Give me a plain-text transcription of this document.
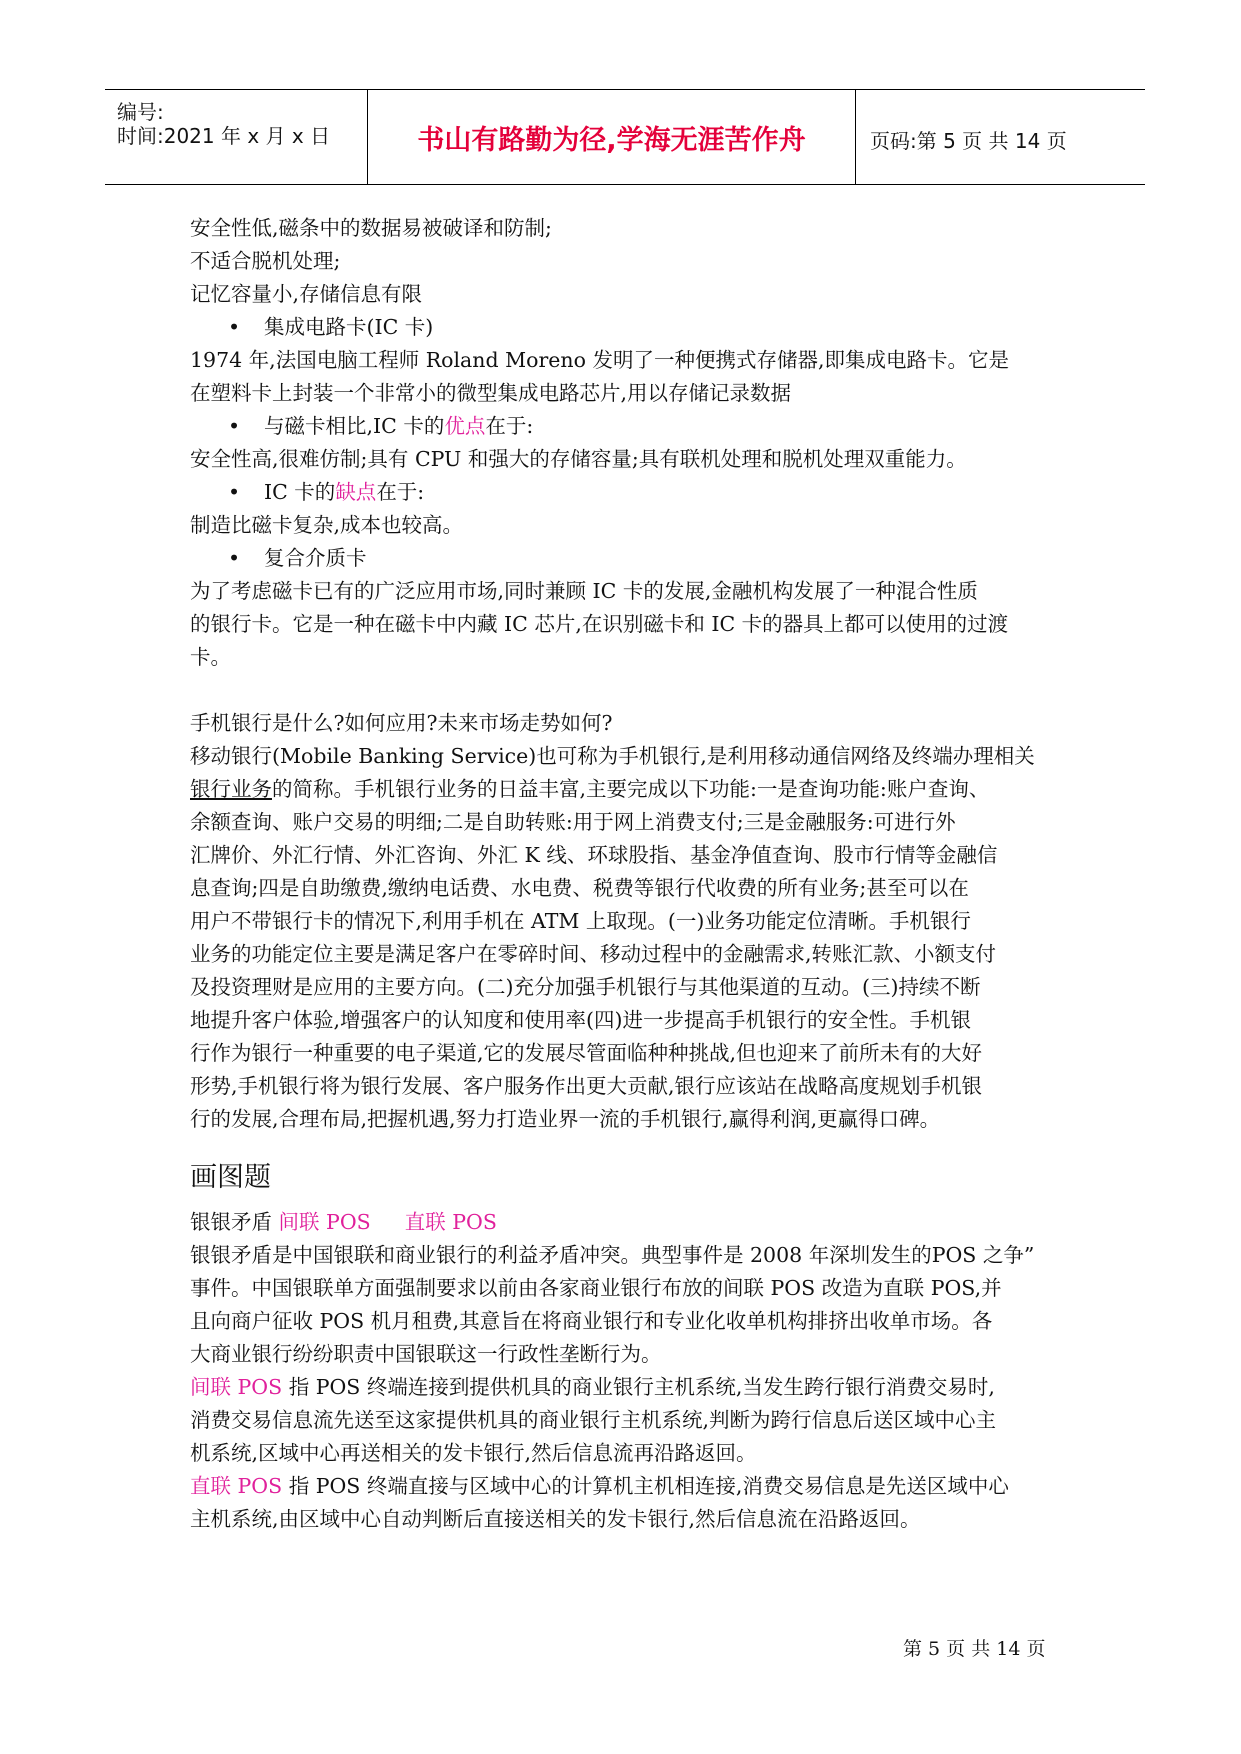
编号:
时间:2021 年 x 月 x 日	书山有路勤为径,学海无涯苦作舟	页码:第 5 页 共 14 页
安全性低,磁条中的数据易被破译和防制;
不适合脱机处理;
记忆容量小,存储信息有限
• 集成电路卡(IC 卡)
1974 年,法国电脑工程师 Roland Moreno 发明了一种便携式存储器,即集成电路卡。它是
在塑料卡上封装一个非常小的微型集成电路芯片,用以存储记录数据
• 与磁卡相比,IC 卡的优点在于:
安全性高,很难仿制;具有 CPU 和强大的存储容量;具有联机处理和脱机处理双重能力。
• IC 卡的缺点在于:
制造比磁卡复杂,成本也较高。
• 复合介质卡
为了考虑磁卡已有的广泛应用市场,同时兼顾 IC 卡的发展,金融机构发展了一种混合性质
的银行卡。它是一种在磁卡中内藏 IC 芯片,在识别磁卡和 IC 卡的器具上都可以使用的过渡
卡。
手机银行是什么?如何应用?未来市场走势如何?
移动银行(Mobile Banking Service)也可称为手机银行,是利用移动通信网络及终端办理相关
银行业务的简称。手机银行业务的日益丰富,主要完成以下功能:一是查询功能:账户查询、
余额查询、账户交易的明细;二是自助转账:用于网上消费支付;三是金融服务:可进行外
汇牌价、外汇行情、外汇咨询、外汇 K 线、环球股指、基金净值查询、股市行情等金融信
息查询;四是自助缴费,缴纳电话费、水电费、税费等银行代收费的所有业务;甚至可以在
用户不带银行卡的情况下,利用手机在 ATM 上取现。(一)业务功能定位清晰。手机银行
业务的功能定位主要是满足客户在零碎时间、移动过程中的金融需求,转账汇款、小额支付
及投资理财是应用的主要方向。(二)充分加强手机银行与其他渠道的互动。(三)持续不断
地提升客户体验,增强客户的认知度和使用率(四)进一步提高手机银行的安全性。手机银
行作为银行一种重要的电子渠道,它的发展尽管面临种种挑战,但也迎来了前所未有的大好
形势,手机银行将为银行发展、客户服务作出更大贡献,银行应该站在战略高度规划手机银
行的发展,合理布局,把握机遇,努力打造业界一流的手机银行,赢得利润,更赢得口碑。
画图题
银银矛盾 间联 POS 直联 POS
银银矛盾是中国银联和商业银行的利益矛盾冲突。典型事件是 2008 年深圳发生的POS 之争”
事件。中国银联单方面强制要求以前由各家商业银行布放的间联 POS 改造为直联 POS,并
且向商户征收 POS 机月租费,其意旨在将商业银行和专业化收单机构排挤出收单市场。各
大商业银行纷纷职责中国银联这一行政性垄断行为。
间联 POS 指 POS 终端连接到提供机具的商业银行主机系统,当发生跨行银行消费交易时,
消费交易信息流先送至这家提供机具的商业银行主机系统,判断为跨行信息后送区域中心主
机系统,区域中心再送相关的发卡银行,然后信息流再沿路返回。
直联 POS 指 POS 终端直接与区域中心的计算机主机相连接,消费交易信息是先送区域中心
主机系统,由区域中心自动判断后直接送相关的发卡银行,然后信息流在沿路返回。
第 5 页 共 14 页
